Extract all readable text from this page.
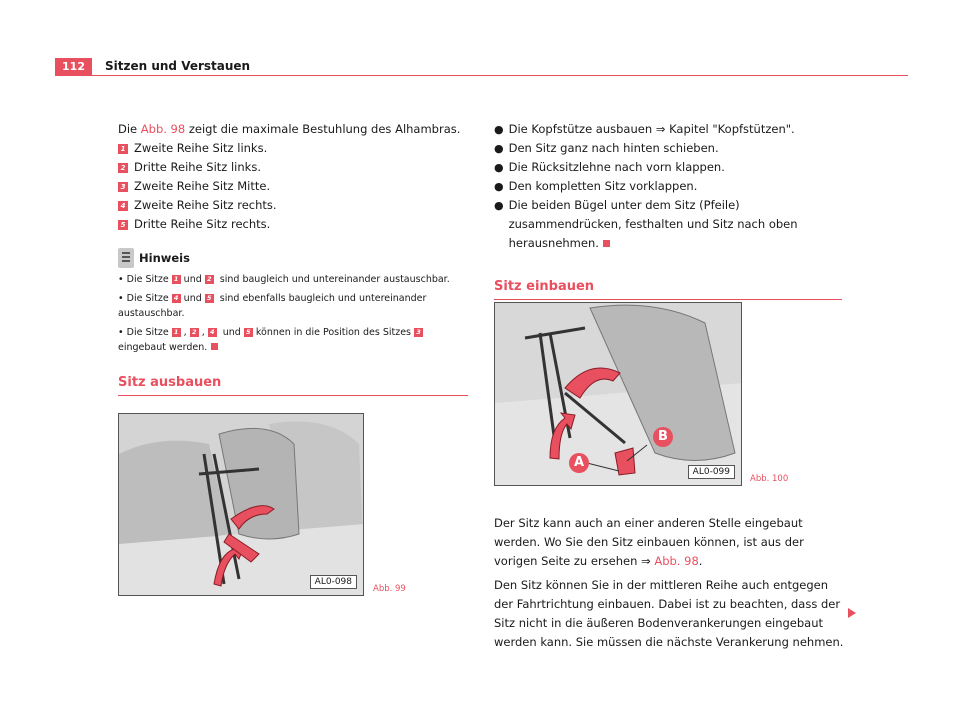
112	Sitzen und Verstauen
Die Abb. 98 zeigt die maximale Bestuhlung des Alhambras.
1 Zweite Reihe Sitz links.
2 Dritte Reihe Sitz links.
3 Zweite Reihe Sitz Mitte.
4 Zweite Reihe Sitz rechts.
5 Dritte Reihe Sitz rechts.
Hinweis

• Die Sitze 1 und 2 sind baugleich und untereinander austauschbar.

• Die Sitze 4 und 5 sind ebenfalls baugleich und untereinander austauschbar.

• Die Sitze 1 , 2 , 4 und 5 können in die Position des Sitzes 3
eingebaut werden.

Sitz ausbauen
AL0-098
Abb. 99
● Die Kopfstütze ausbauen ⇒ Kapitel "Kopfstützen".
● Den Sitz ganz nach hinten schieben.
● Die Rücksitzlehne nach vorn klappen.
● Den kompletten Sitz vorklappen.
● Die beiden Bügel unter dem Sitz (Pfeile) zusammendrücken, festhalten und Sitz nach oben herausnehmen.
Sitz einbauen
A
B
AL0-099
Abb. 100

Der Sitz kann auch an einer anderen Stelle eingebaut werden. Wo Sie den Sitz einbauen können, ist aus der vorigen Seite zu ersehen ⇒ Abb. 98.

Den Sitz können Sie in der mittleren Reihe auch entgegen der Fahrtrichtung einbauen. Dabei ist zu beachten, dass der Sitz nicht in die äußeren Bodenverankerungen eingebaut werden kann. Sie müssen die nächste Verankerung nehmen.
